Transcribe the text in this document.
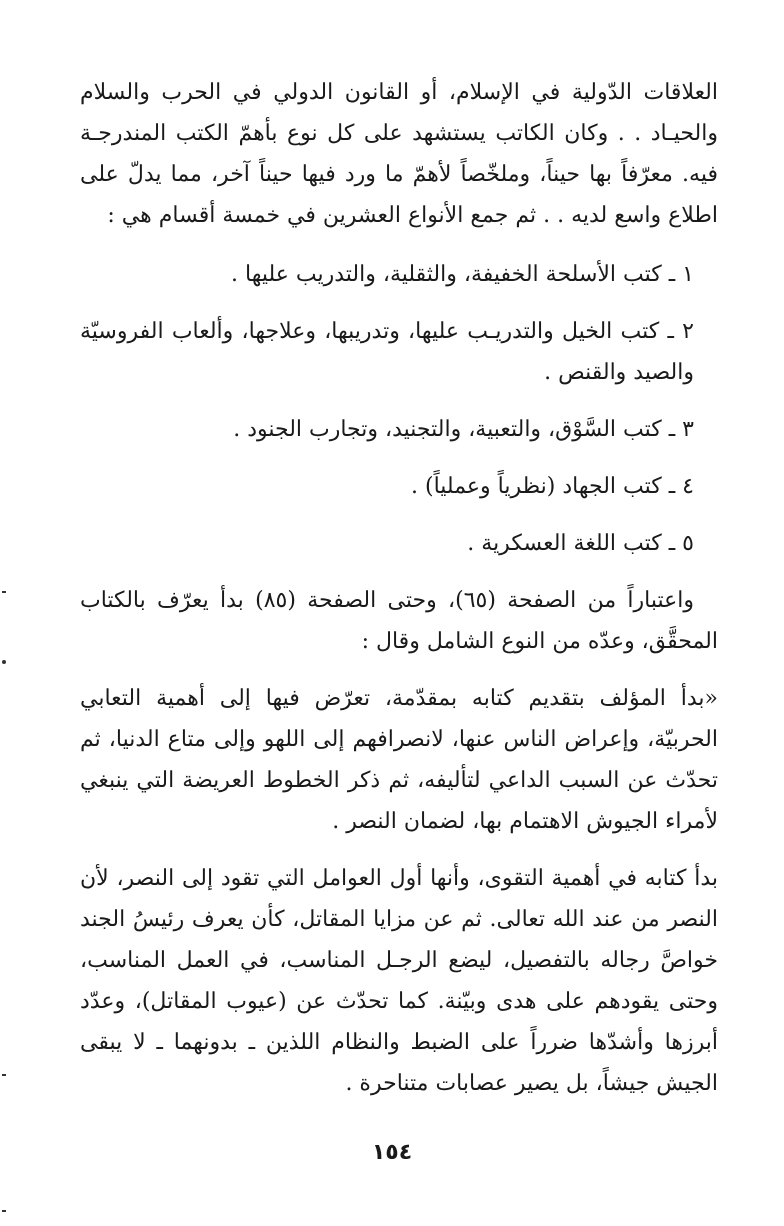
العلاقات الدّولية في الإسلام، أو القانون الدولي في الحرب والسلام والحيـاد . . وكان الكاتب يستشهد على كل نوع بأهمّ الكتب المندرجـة فيه. معرّفاً بها حيناً، وملخّصاً لأهمّ ما ورد فيها حيناً آخر، مما يدلّ على اطلاع واسع لديه . . ثم جمع الأنواع العشرين في خمسة أقسام هي :

١ ـ كتب الأسلحة الخفيفة، والثقلية، والتدريب عليها .

٢ ـ كتب الخيل والتدريـب عليها، وتدريبها، وعلاجها، وألعاب الفروسيّة والصيد والقنص .

٣ ـ كتب السَّوْق، والتعبية، والتجنيد، وتجارب الجنود .

٤ ـ كتب الجهاد (نظرياً وعملياً) .

٥ ـ كتب اللغة العسكرية .

واعتباراً من الصفحة (٦٥)، وحتى الصفحة (٨٥) بدأ يعرّف بالكتاب المحقَّق، وعدّه من النوع الشامل وقال :

«بدأ المؤلف بتقديم كتابه بمقدّمة، تعرّض فيها إلى أهمية التعابي الحربيّة، وإعراض الناس عنها، لانصرافهم إلى اللهو وإلى متاع الدنيا، ثم تحدّث عن السبب الداعي لتأليفه، ثم ذكر الخطوط العريضة التي ينبغي لأمراء الجيوش الاهتمام بها، لضمان النصر .

بدأ كتابه في أهمية التقوى، وأنها أول العوامل التي تقود إلى النصر، لأن النصر من عند الله تعالى. ثم عن مزايا المقاتل، كأن يعرف رئيسُ الجند خواصَّ رجاله بالتفصيل، ليضع الرجـل المناسب، في العمل المناسب، وحتى يقودهم على هدى وبيّنة. كما تحدّث عن (عيوب المقاتل)، وعدّد أبرزها وأشدّها ضرراً على الضبط والنظام اللذين ـ بدونهما ـ لا يبقى الجيش جيشاً، بل يصير عصابات متناحرة .

١٥٤
